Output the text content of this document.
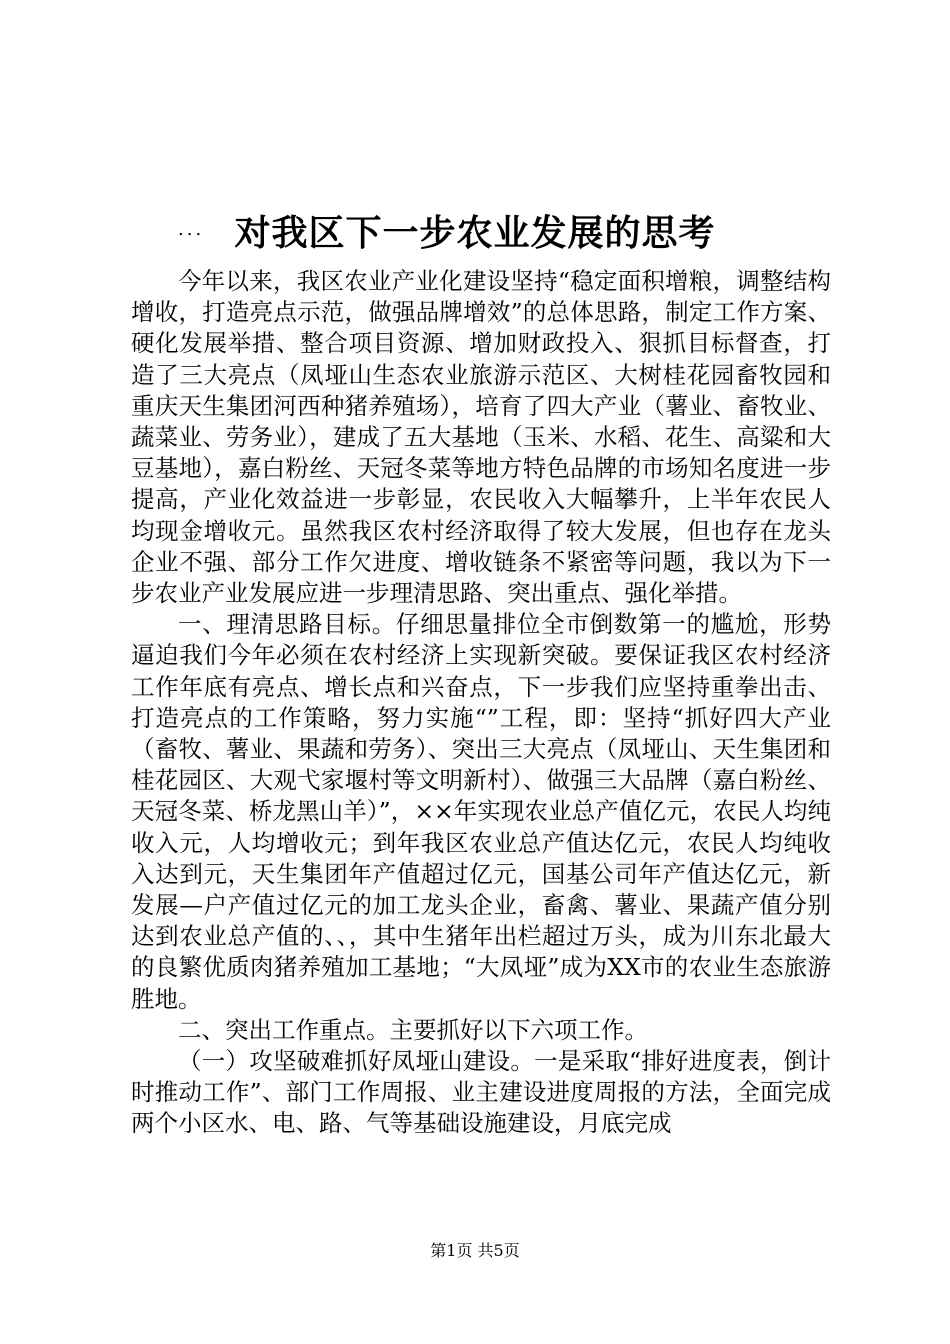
对我区下一步农业发展的思考
...

今年以来，我区农业产业化建设坚持“稳定面积增粮，调整结构增收，打造亮点示范，做强品牌增效”的总体思路，制定工作方案、硬化发展举措、整合项目资源、增加财政投入、狠抓目标督查，打造了三大亮点（凤垭山生态农业旅游示范区、大树桂花园畜牧园和重庆天生集团河西种猪养殖场），培育了四大产业（薯业、畜牧业、蔬菜业、劳务业），建成了五大基地（玉米、水稻、花生、高粱和大豆基地），嘉白粉丝、天冠冬菜等地方特色品牌的市场知名度进一步提高，产业化效益进一步彰显，农民收入大幅攀升，上半年农民人均现金增收元。虽然我区农村经济取得了较大发展，但也存在龙头企业不强、部分工作欠进度、增收链条不紧密等问题，我以为下一步农业产业发展应进一步理清思路、突出重点、强化举措。

一、理清思路目标。仔细思量排位全市倒数第一的尴尬，形势逼迫我们今年必须在农村经济上实现新突破。要保证我区农村经济工作年底有亮点、增长点和兴奋点，下一步我们应坚持重拳出击、打造亮点的工作策略，努力实施“”工程，即：坚持“抓好四大产业（畜牧、薯业、果蔬和劳务）、突出三大亮点（凤垭山、天生集团和桂花园区、大观弋家堰村等文明新村）、做强三大品牌（嘉白粉丝、天冠冬菜、桥龙黑山羊）”，××年实现农业总产值亿元，农民人均纯收入元，人均增收元；到年我区农业总产值达亿元，农民人均纯收入达到元，天生集团年产值超过亿元，国基公司年产值达亿元，新发展—户产值过亿元的加工龙头企业，畜禽、薯业、果蔬产值分别达到农业总产值的、、，其中生猪年出栏超过万头，成为川东北最大的良繁优质肉猪养殖加工基地；“大凤垭”成为XX市的农业生态旅游胜地。

二、突出工作重点。主要抓好以下六项工作。

（一）攻坚破难抓好凤垭山建设。一是采取“排好进度表，倒计时推动工作”、部门工作周报、业主建设进度周报的方法，全面完成两个小区水、电、路、气等基础设施建设，月底完成

第1页 共5页
